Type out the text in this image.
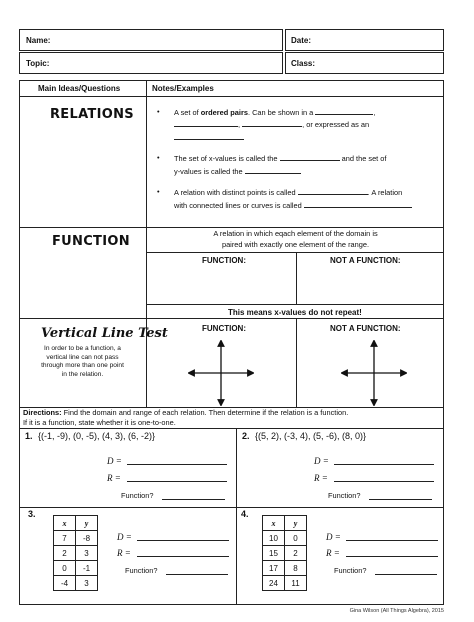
Name:	Date:
Topic:	Class:
Main Ideas/Questions	Notes/Examples
RELATIONS	• A set of ordered pairs. Can be shown in a	,
,	, or expressed as an

• The set of x-values is called the	and the set of
y-values is called the
• A relation with distinct points is called	. A relation
with connected lines or curves is called
FUNCTION
A relation in which eqach element of the domain is
paired with exactly one element of the range.
FUNCTION:	NOT A FUNCTION:
This means x-values do not repeat!
Vertical Line Test
In order to be a function, a
vertical line can not pass
through more than one point
in the relation.
FUNCTION:	NOT A FUNCTION:
Directions: Find the domain and range of each relation. Then determine if the relation is a function.
If it is a function, state whether it is one-to-one.
1. {(-1, -9), (0, -5), (4, 3), (6, -2)}
D =
R =
Function?
2. {(5, 2), (-3, 4), (5, -6), (8, 0)}
D =
R =
Function?
3.
x	y
7	-8
2	3
0	-1
-4	3
D =
R =
Function?
4.
x	y
10	0
15	2
17	8
24	11
D =
R =
Function?
Gina Wilson (All Things Algebra), 2015
